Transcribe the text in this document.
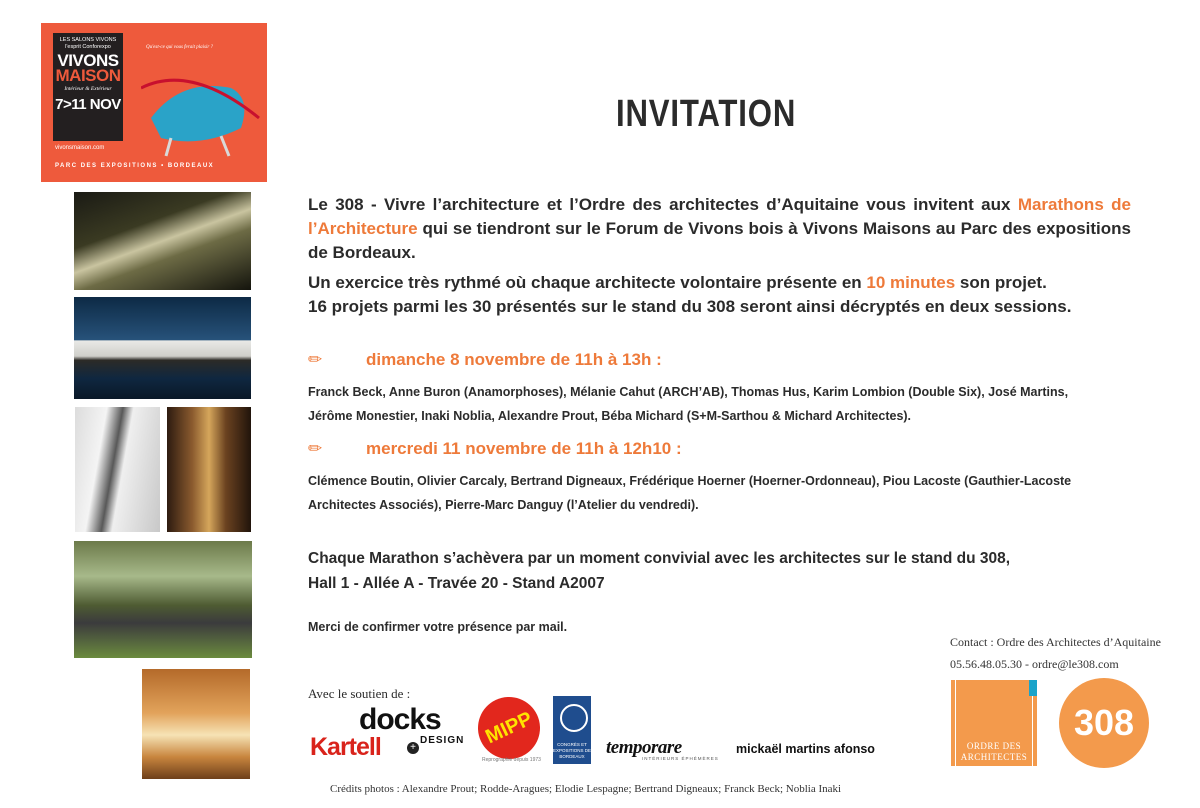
LES SALONS VIVONS
l'esprit Conforexpo
VIVONS
MAISON
Intérieur & Extérieur
7>11 NOV
Qu'est-ce qui vous ferait plaisir ?
vivonsmaison.com
PARC DES EXPOSITIONS • BORDEAUX
INVITATION
Le 308 - Vivre l’architecture et l’Ordre des architectes d’Aquitaine vous invitent aux Marathons de l’Architecture qui se tiendront sur le Forum de Vivons bois à Vivons Maisons au Parc des expositions de Bordeaux.
Un exercice très rythmé où chaque architecte volontaire présente en 10 minutes son projet.
16 projets parmi les 30 présentés sur le stand du 308 seront ainsi décryptés en deux sessions.
✏	dimanche 8 novembre de 11h à 13h :
Franck Beck, Anne Buron (Anamorphoses), Mélanie Cahut (ARCH’AB), Thomas Hus, Karim Lombion (Double Six), José Martins,
Jérôme Monestier, Inaki Noblia, Alexandre Prout, Béba Michard (S+M-Sarthou & Michard Architectes).
✏	mercredi 11 novembre de 11h à 12h10 :
Clémence Boutin, Olivier Carcaly, Bertrand Digneaux, Frédérique Hoerner (Hoerner-Ordonneau), Piou Lacoste (Gauthier-Lacoste
Architectes Associés), Pierre-Marc Danguy (l’Atelier du vendredi).
Chaque Marathon s’achèvera par un moment convivial avec les architectes sur le stand du 308,
Hall 1 - Allée A - Travée 20 - Stand A2007
Merci de confirmer votre présence par mail.
Contact : Ordre des Architectes d’Aquitaine
05.56.48.05.30 - ordre@le308.com
ORDRE DES
ARCHITECTES
308
Avec le soutien de :
docks
DESIGN
Kartell	+	MIPP
Reprographie depuis 1973
CONGRÈS ET EXPOSITIONS DE BORDEAUX	temporare
INTÉRIEURS ÉPHÉMÈRES
mickaël martins afonso
Crédits photos : Alexandre Prout; Rodde-Aragues; Elodie Lespagne; Bertrand Digneaux; Franck Beck; Noblia Inaki
